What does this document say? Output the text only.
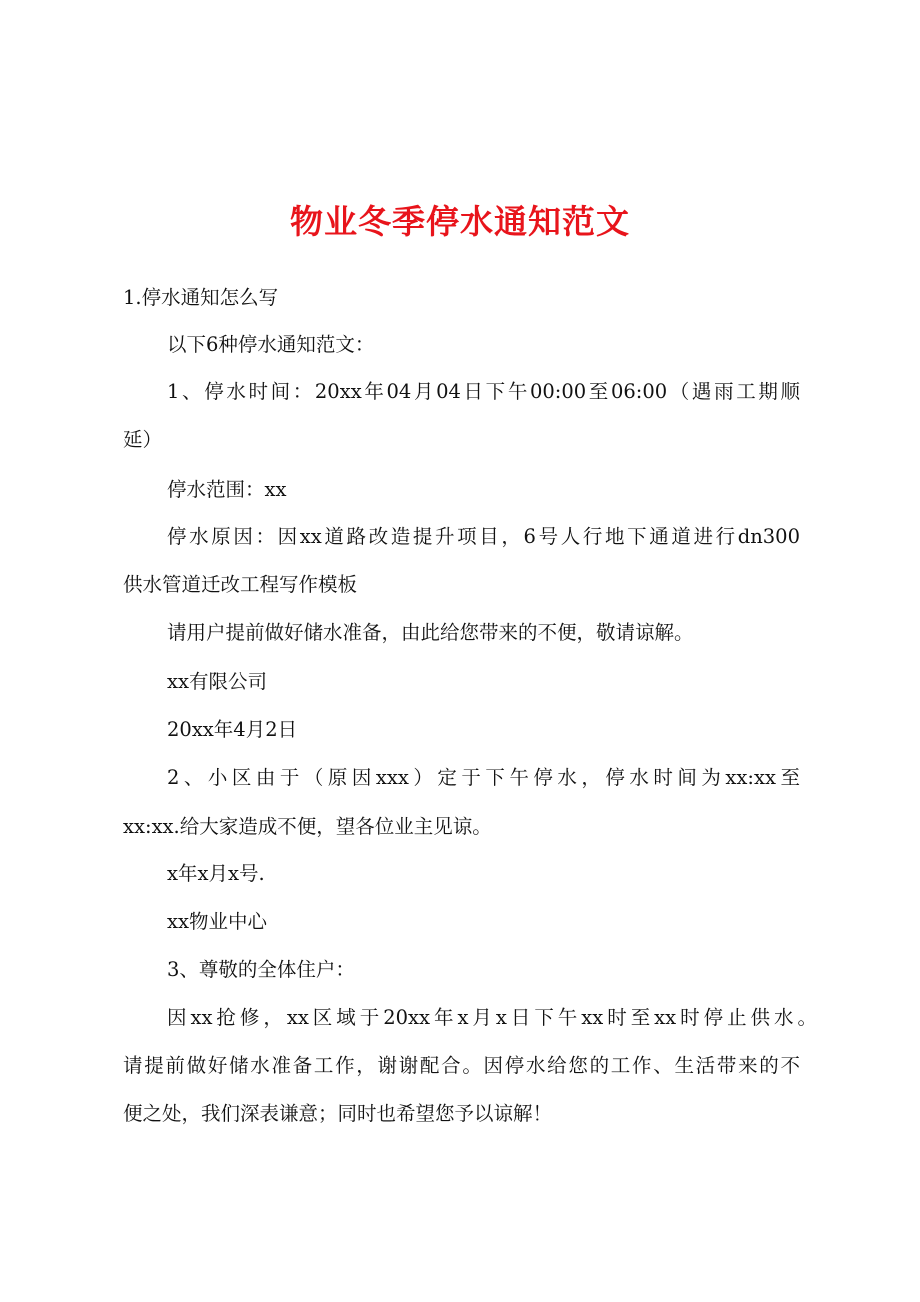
物业冬季停水通知范文
1.停水通知怎么写
以下6种停水通知范文：
1、停水时间：20xx年04月04日下午00:00至06:00（遇雨工期顺
延）
停水范围：xx
停水原因：因xx道路改造提升项目，6号人行地下通道进行dn300
供水管道迁改工程写作模板
请用户提前做好储水准备，由此给您带来的不便，敬请谅解。
xx有限公司
20xx年4月2日
2、小区由于（原因xxx）定于下午停水，停水时间为xx:xx至
xx:xx.给大家造成不便，望各位业主见谅。
x年x月x号.
xx物业中心
3、尊敬的全体住户：
因xx抢修，xx区域于20xx年x月x日下午xx时至xx时停止供水。
请提前做好储水准备工作，谢谢配合。因停水给您的工作、生活带来的不
便之处，我们深表谦意；同时也希望您予以谅解！
